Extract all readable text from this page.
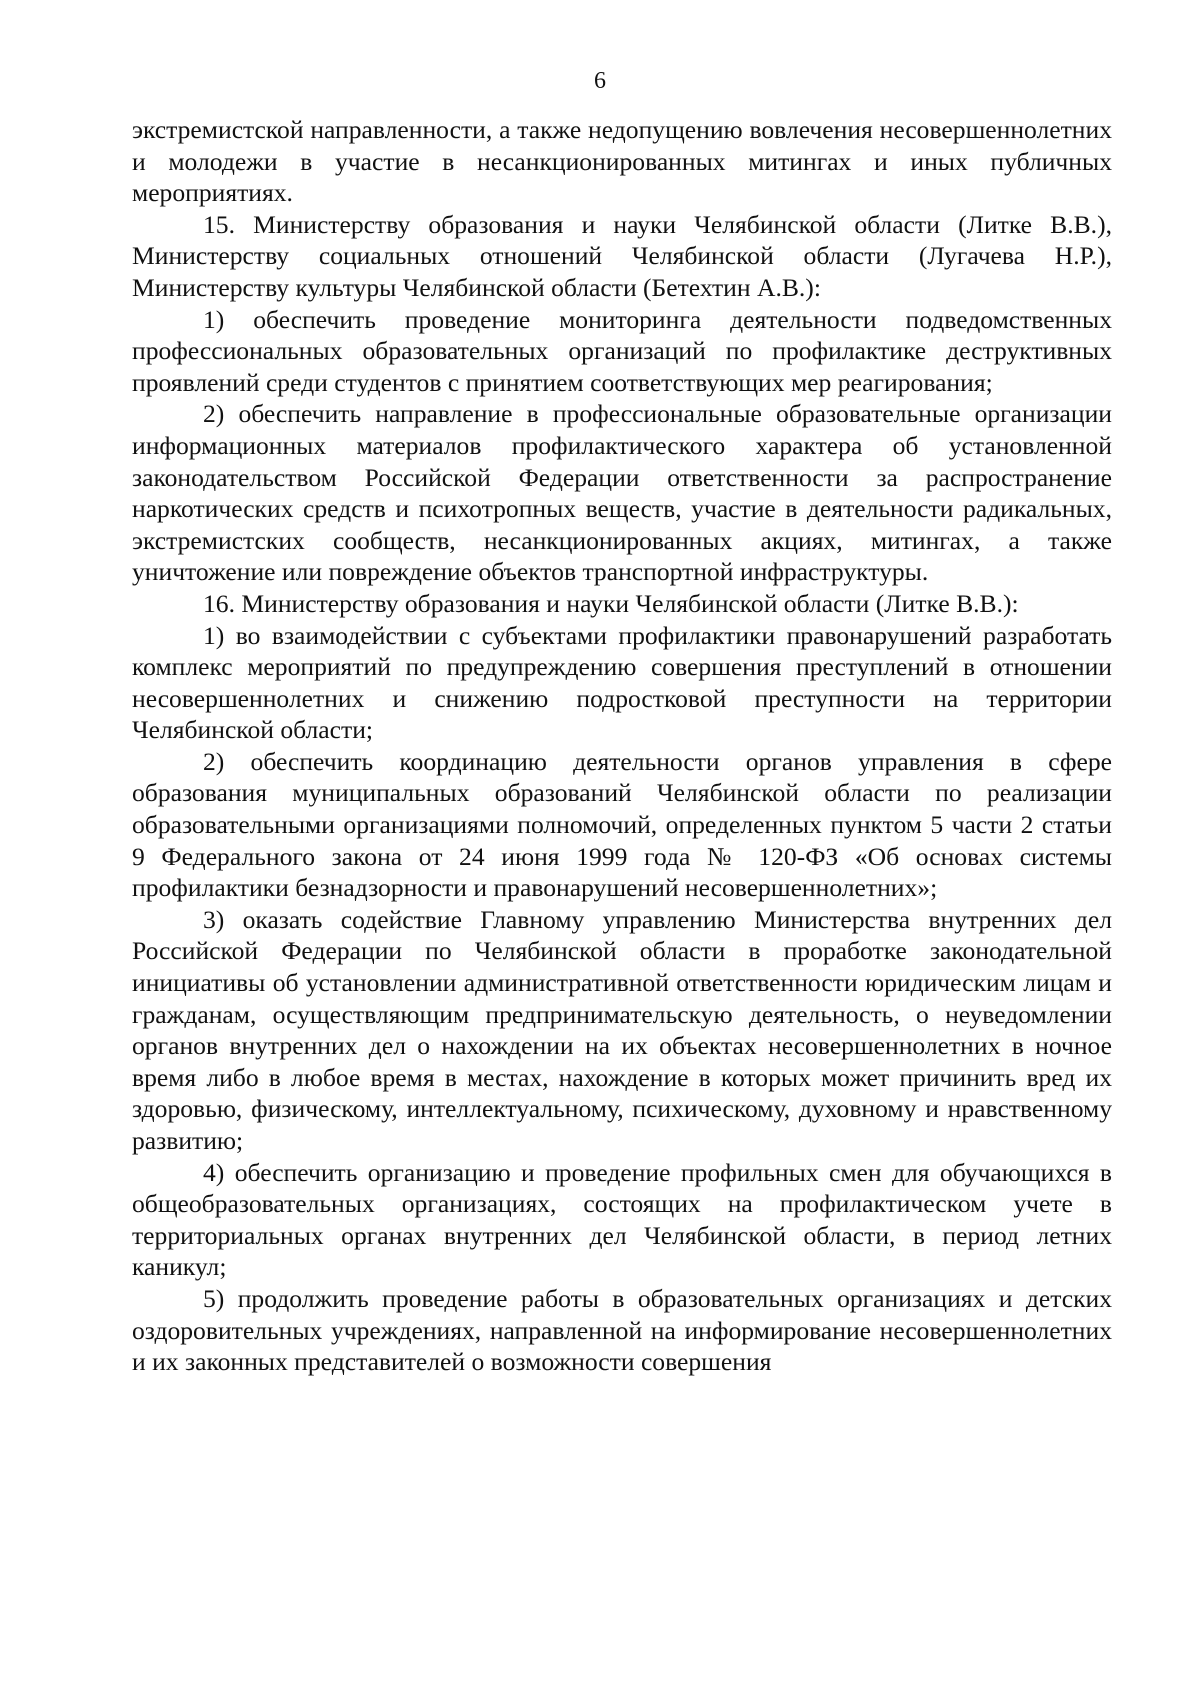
6

экстремистской направленности, а также недопущению вовлечения несовершеннолетних и молодежи в участие в несанкционированных митингах и иных публичных мероприятиях.

15. Министерству образования и науки Челябинской области (Литке В.В.), Министерству социальных отношений Челябинской области (Лугачева Н.Р.), Министерству культуры Челябинской области (Бетехтин А.В.):

1) обеспечить проведение мониторинга деятельности подведомственных профессиональных образовательных организаций по профилактике деструктивных проявлений среди студентов с принятием соответствующих мер реагирования;

2) обеспечить направление в профессиональные образовательные организации информационных материалов профилактического характера об установленной законодательством Российской Федерации ответственности за распространение наркотических средств и психотропных веществ, участие в деятельности радикальных, экстремистских сообществ, несанкционированных акциях, митингах, а также уничтожение или повреждение объектов транспортной инфраструктуры.

16. Министерству образования и науки Челябинской области (Литке В.В.):

1) во взаимодействии с субъектами профилактики правонарушений разработать комплекс мероприятий по предупреждению совершения преступлений в отношении несовершеннолетних и снижению подростковой преступности на территории Челябинской области;

2) обеспечить координацию деятельности органов управления в сфере образования муниципальных образований Челябинской области по реализации образовательными организациями полномочий, определенных пунктом 5 части 2 статьи 9 Федерального закона от 24 июня 1999 года № 120-ФЗ «Об основах системы профилактики безнадзорности и правонарушений несовершеннолетних»;

3) оказать содействие Главному управлению Министерства внутренних дел Российской Федерации по Челябинской области в проработке законодательной инициативы об установлении административной ответственности юридическим лицам и гражданам, осуществляющим предпринимательскую деятельность, о неуведомлении органов внутренних дел о нахождении на их объектах несовершеннолетних в ночное время либо в любое время в местах, нахождение в которых может причинить вред их здоровью, физическому, интеллектуальному, психическому, духовному и нравственному развитию;

4) обеспечить организацию и проведение профильных смен для обучающихся в общеобразовательных организациях, состоящих на профилактическом учете в территориальных органах внутренних дел Челябинской области, в период летних каникул;

5) продолжить проведение работы в образовательных организациях и детских оздоровительных учреждениях, направленной на информирование несовершеннолетних и их законных представителей о возможности совершения
